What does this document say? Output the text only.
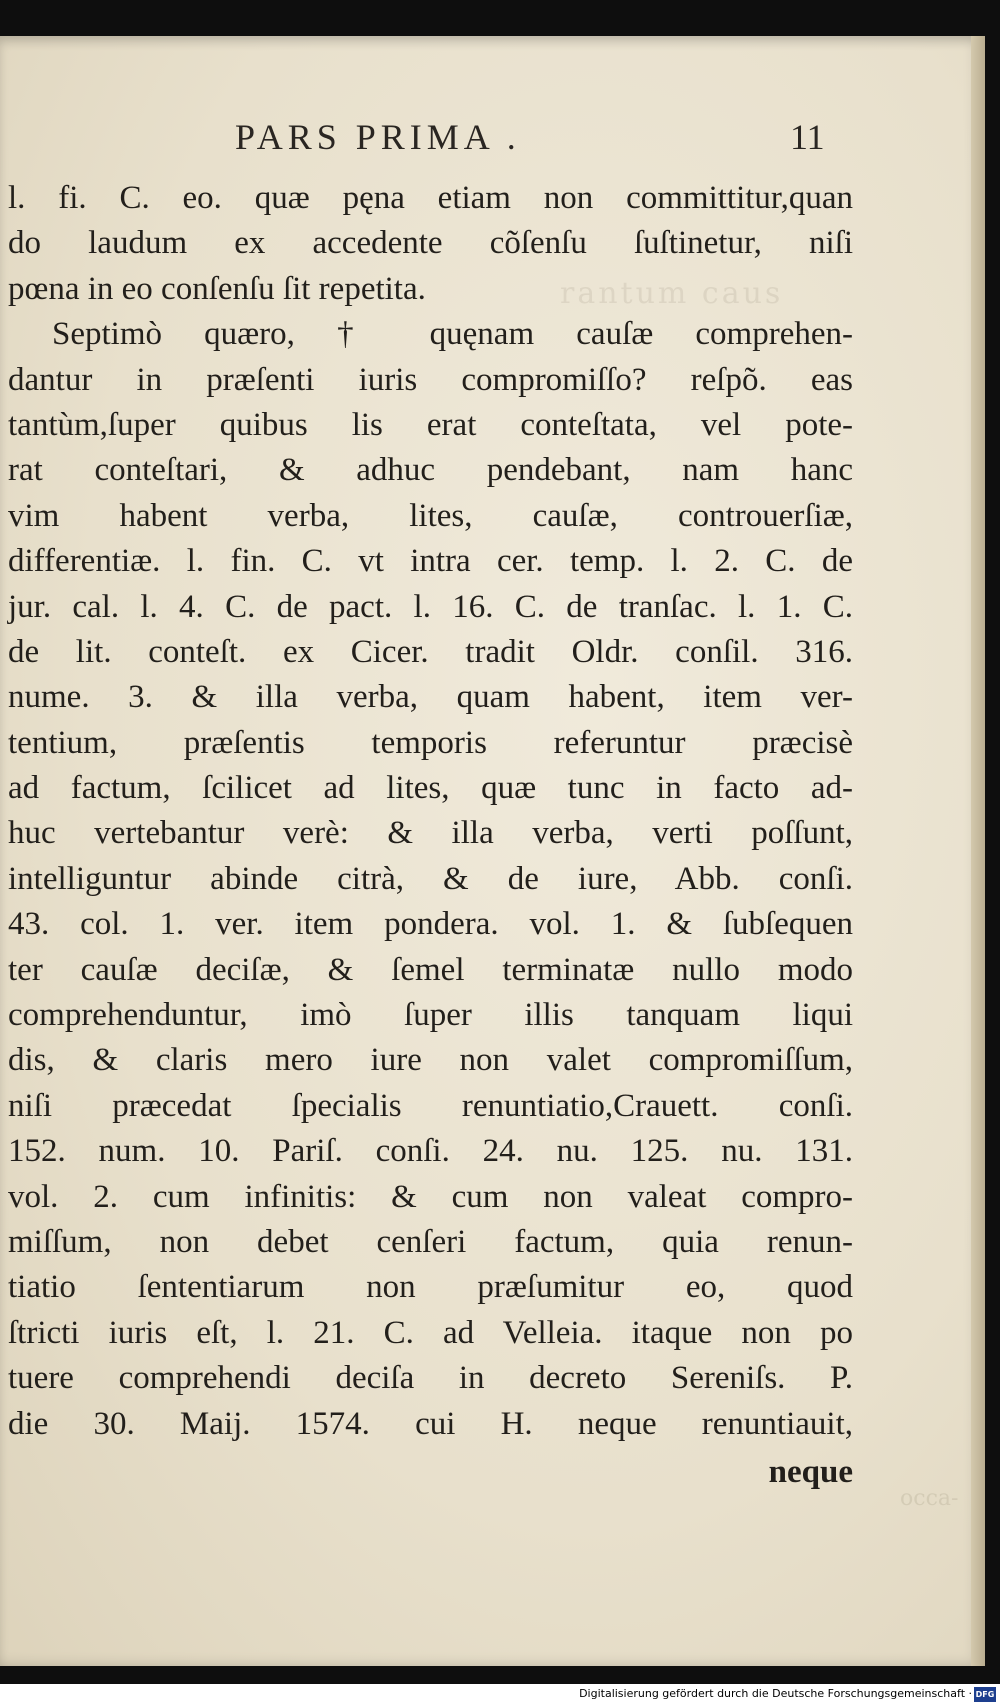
rantum caus
occa-
PARS PRIMA .	11
l. fi. C. eo. quæ pęna etiam non committitur,quan
do laudum ex accedente cõſenſu ſuſtinetur, niſi
pœna in eo conſenſu ſit repetita.
Septimò quæro, † quęnam cauſæ comprehen-
dantur in præſenti iuris compromiſſo? reſpõ. eas
tantùm,ſuper quibus lis erat conteſtata, vel pote-
rat conteſtari, & adhuc pendebant, nam hanc
vim habent verba, lites, cauſæ, controuerſiæ,
differentiæ. l. fin. C. vt intra cer. temp. l. 2. C. de
jur. cal. l. 4. C. de pact. l. 16. C. de tranſac. l. 1. C.
de lit. conteſt. ex Cicer. tradit Oldr. conſil. 316.
nume. 3. & illa verba, quam habent, item ver-
tentium, præſentis temporis referuntur præcisè
ad factum, ſcilicet ad lites, quæ tunc in facto ad-
huc vertebantur verè: & illa verba, verti poſſunt,
intelliguntur abinde citrà, & de iure, Abb. conſi.
43. col. 1. ver. item pondera. vol. 1. & ſubſequen
ter cauſæ deciſæ, & ſemel terminatæ nullo modo
comprehenduntur, imò ſuper illis tanquam liqui
dis, & claris mero iure non valet compromiſſum,
niſi præcedat ſpecialis renuntiatio,Crauett. conſi.
152. num. 10. Pariſ. conſi. 24. nu. 125. nu. 131.
vol. 2. cum infinitis: & cum non valeat compro-
miſſum, non debet cenſeri factum, quia renun-
tiatio ſententiarum non præſumitur eo, quod
ſtricti iuris eſt, l. 21. C. ad Velleia. itaque non po
tuere comprehendi deciſa in decreto Sereniſs. P.
die 30. Maij. 1574. cui H. neque renuntiauit,
neque
Digitalisierung gefördert durch die Deutsche Forschungsgemeinschaft · DFG
